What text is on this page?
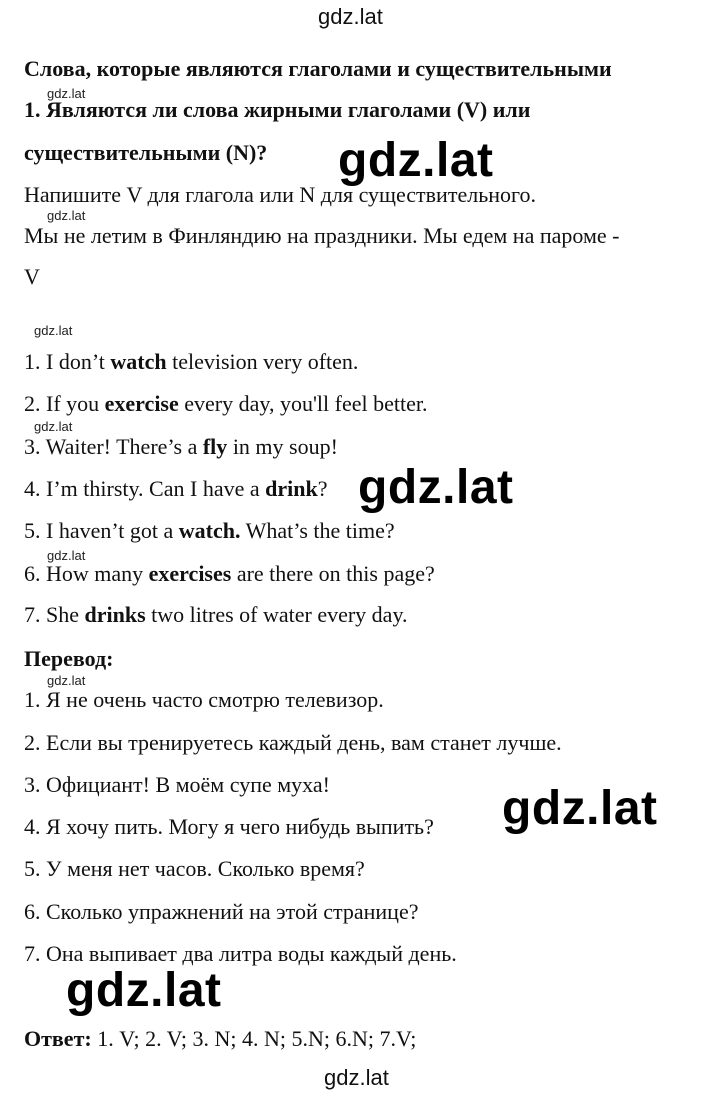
gdz.lat
Слова, которые являются глаголами и существительными
gdz.lat
1. Являются ли слова жирными глаголами (V) или
существительными (N)?
Напишите V для глагола или N для существительного.
gdz.lat
gdz.lat
Мы не летим в Финляндию на праздники. Мы едем на пароме -
V
gdz.lat
1. I don’t watch television very often.
2. If you exercise every day, you'll feel better.
gdz.lat
3. Waiter! There’s a fly in my soup!
4. I’m thirsty. Can I have a drink? gdz.lat
5. I haven’t got a watch. What’s the time?
gdz.lat
6. How many exercises are there on this page?
7. She drinks two litres of water every day.
Перевод:
gdz.lat
1. Я не очень часто смотрю телевизор.
2. Если вы тренируетесь каждый день, вам станет лучше.
3. Официант! В моём супе муха!	gdz.lat
4. Я хочу пить. Могу я чего нибудь выпить?
5. У меня нет часов. Сколько время?
6. Сколько упражнений на этой странице?
7. Она выпивает два литра воды каждый день.
gdz.lat
Ответ: 1. V; 2. V; 3. N; 4. N; 5.N; 6.N; 7.V;
gdz.lat
